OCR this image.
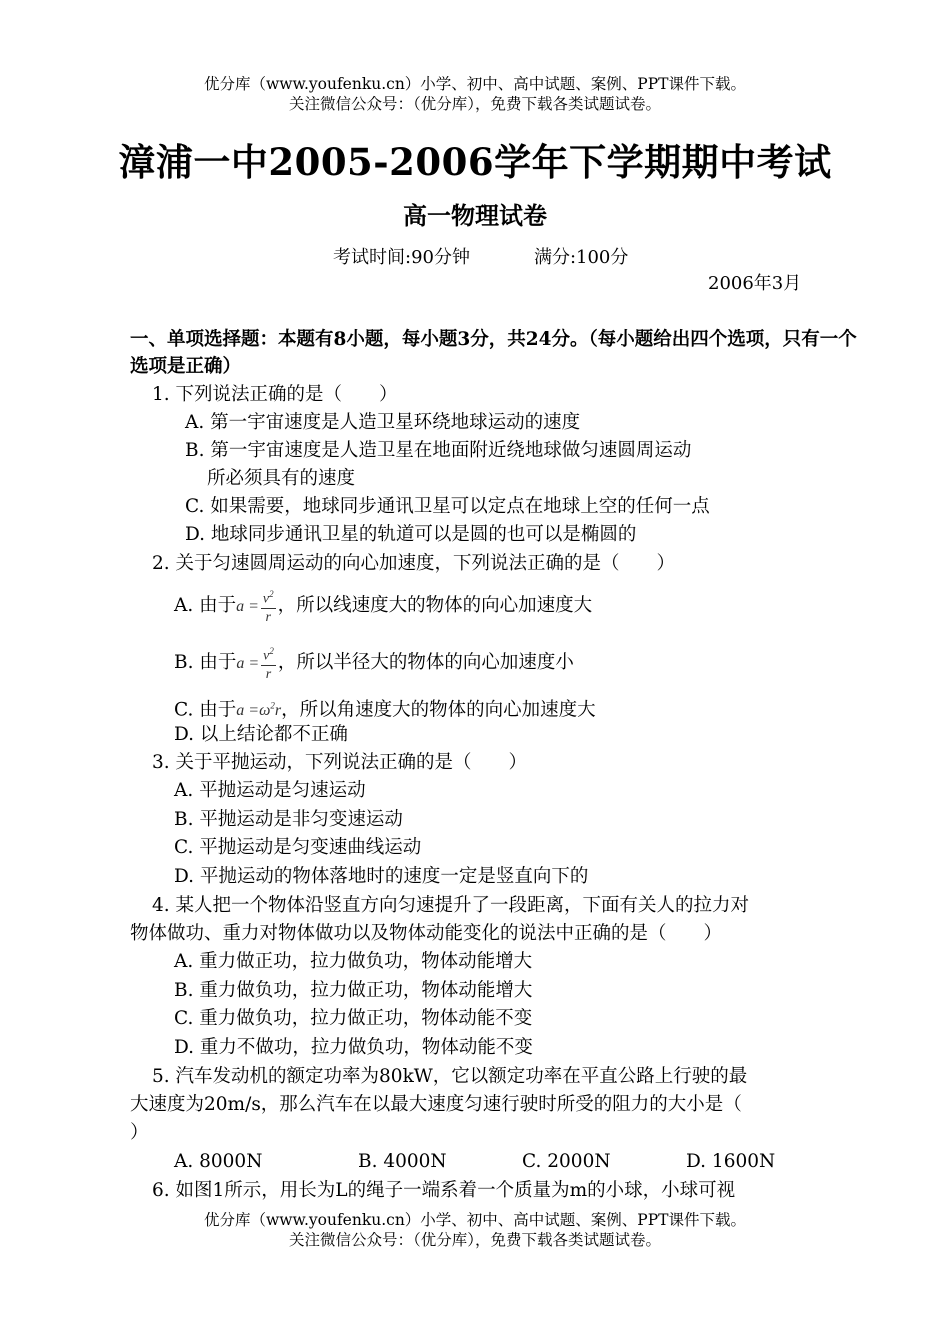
优分库（www.youfenku.cn）小学、初中、高中试题、案例、PPT课件下载。
关注微信公众号：（优分库），免费下载各类试题试卷。
漳浦一中2005-2006学年下学期期中考试
高一物理试卷
考试时间:90分钟	满分:100分
2006年3月
一、单项选择题：本题有8小题，每小题3分，共24分。（每小题给出四个选项，只有一个选项是正确）
1. 下列说法正确的是（　　）
A. 第一宇宙速度是人造卫星环绕地球运动的速度
B. 第一宇宙速度是人造卫星在地面附近绕地球做匀速圆周运动
所必须具有的速度
C. 如果需要，地球同步通讯卫星可以定点在地球上空的任何一点
D. 地球同步通讯卫星的轨道可以是圆的也可以是椭圆的
2. 关于匀速圆周运动的向心加速度，下列说法正确的是（　　）
A. 由于$a = \frac{v^2}{r}$ ，所以线速度大的物体的向心加速度大
B. 由于$a = \frac{v^2}{r}$ ，所以半径大的物体的向心加速度小
C. 由于$a =\omega^2r$，所以角速度大的物体的向心加速度大
D. 以上结论都不正确
3. 关于平抛运动，下列说法正确的是（　　）
A. 平抛运动是匀速运动
B. 平抛运动是非匀变速运动
C. 平抛运动是匀变速曲线运动
D. 平抛运动的物体落地时的速度一定是竖直向下的
4. 某人把一个物体沿竖直方向匀速提升了一段距离，下面有关人的拉力对
物体做功、重力对物体做功以及物体动能变化的说法中正确的是（　　）
A. 重力做正功，拉力做负功，物体动能增大
B. 重力做负功，拉力做正功，物体动能增大
C. 重力做负功，拉力做正功，物体动能不变
D. 重力不做功，拉力做负功，物体动能不变
5. 汽车发动机的额定功率为80kW，它以额定功率在平直公路上行驶的最
大速度为20m/s，那么汽车在以最大速度匀速行驶时所受的阻力的大小是（
）
A. 8000N	B. 4000N	C. 2000N	D. 1600N
6. 如图1所示，用长为L的绳子一端系着一个质量为m的小球，小球可视
优分库（www.youfenku.cn）小学、初中、高中试题、案例、PPT课件下载。
关注微信公众号：（优分库），免费下载各类试题试卷。
